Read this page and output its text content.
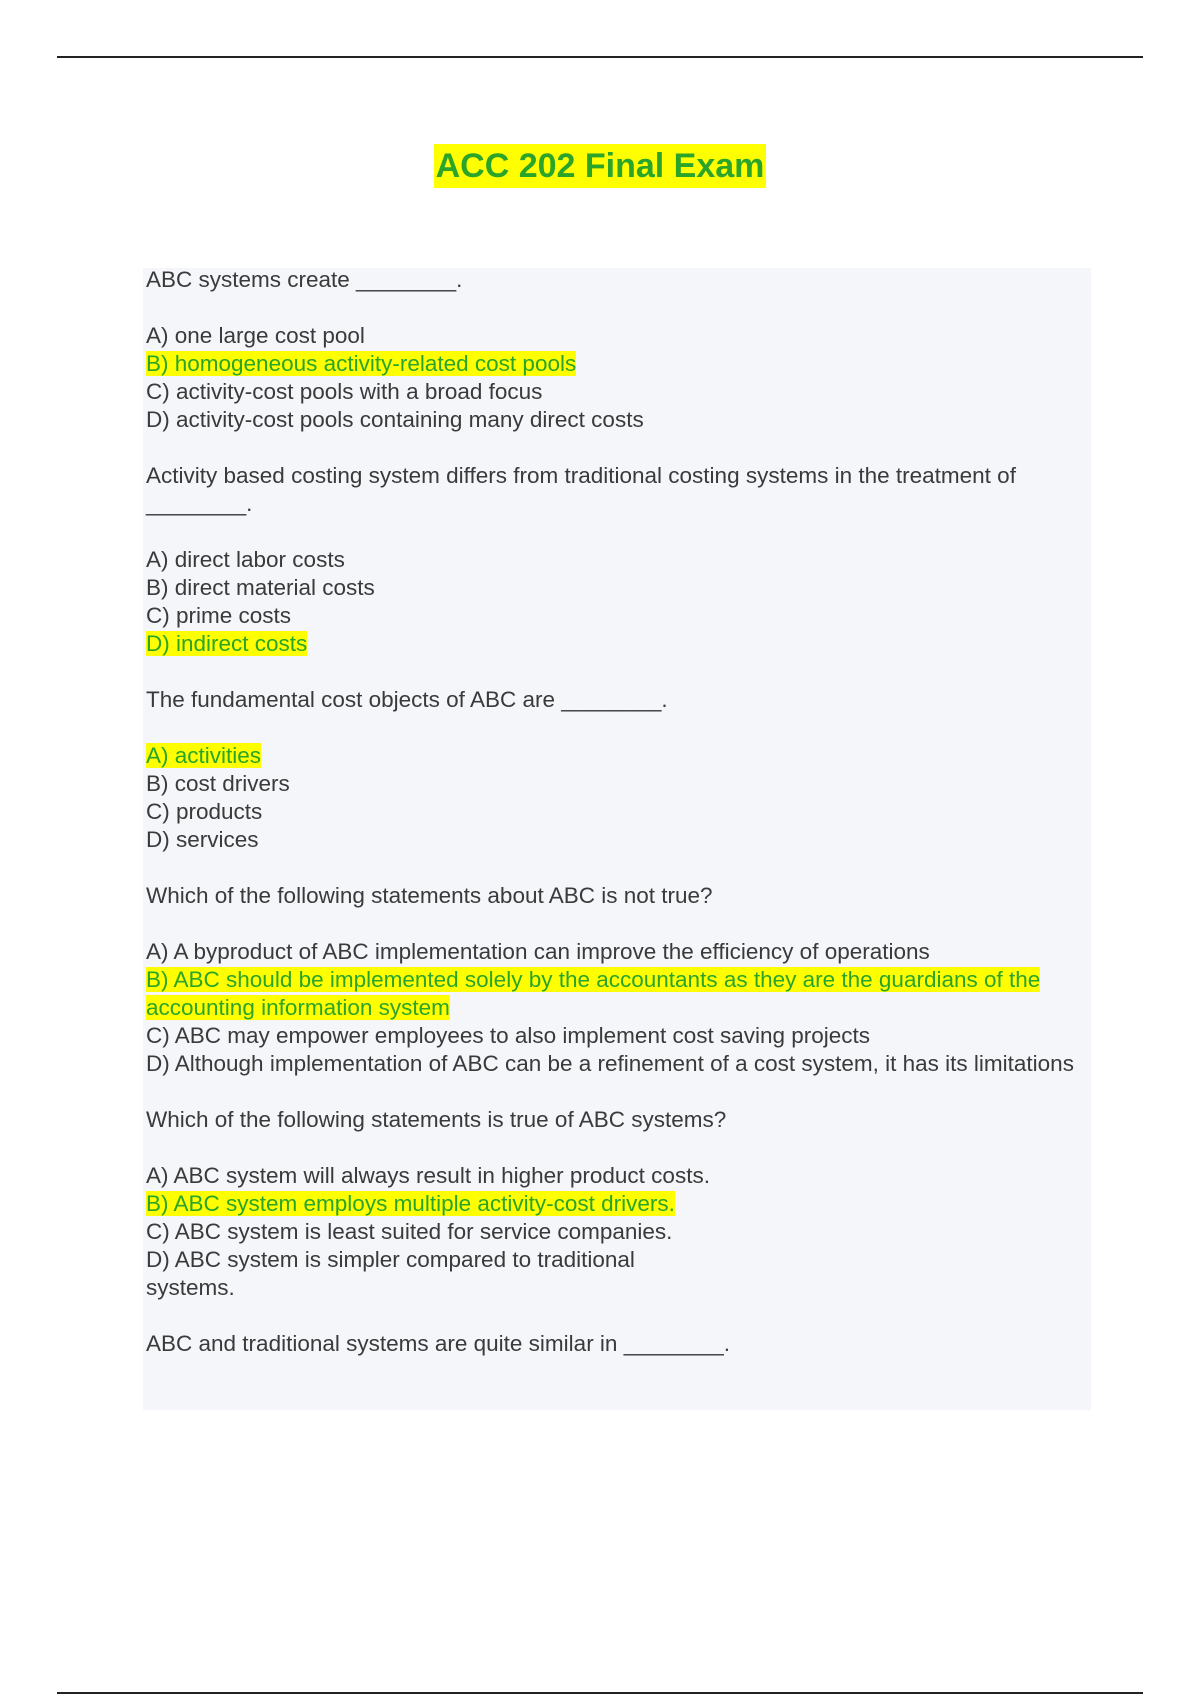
ACC 202 Final Exam

ABC systems create ________.

A) one large cost pool

B) homogeneous activity-related cost pools

C) activity-cost pools with a broad focus

D) activity-cost pools containing many direct costs

Activity based costing system differs from traditional costing systems in the treatment of ________.

A) direct labor costs

B) direct material costs

C) prime costs

D) indirect costs

The fundamental cost objects of ABC are ________.

A) activities

B) cost drivers

C) products

D) services

Which of the following statements about ABC is not true?

A) A byproduct of ABC implementation can improve the efficiency of operations

B) ABC should be implemented solely by the accountants as they are the guardians of the accounting information system

C) ABC may empower employees to also implement cost saving projects

D) Although implementation of ABC can be a refinement of a cost system, it has its limitations

Which of the following statements is true of ABC systems?

A) ABC system will always result in higher product costs.

B) ABC system employs multiple activity-cost drivers.

C) ABC system is least suited for service companies.

D) ABC system is simpler compared to traditional
systems.

ABC and traditional systems are quite similar in ________.
